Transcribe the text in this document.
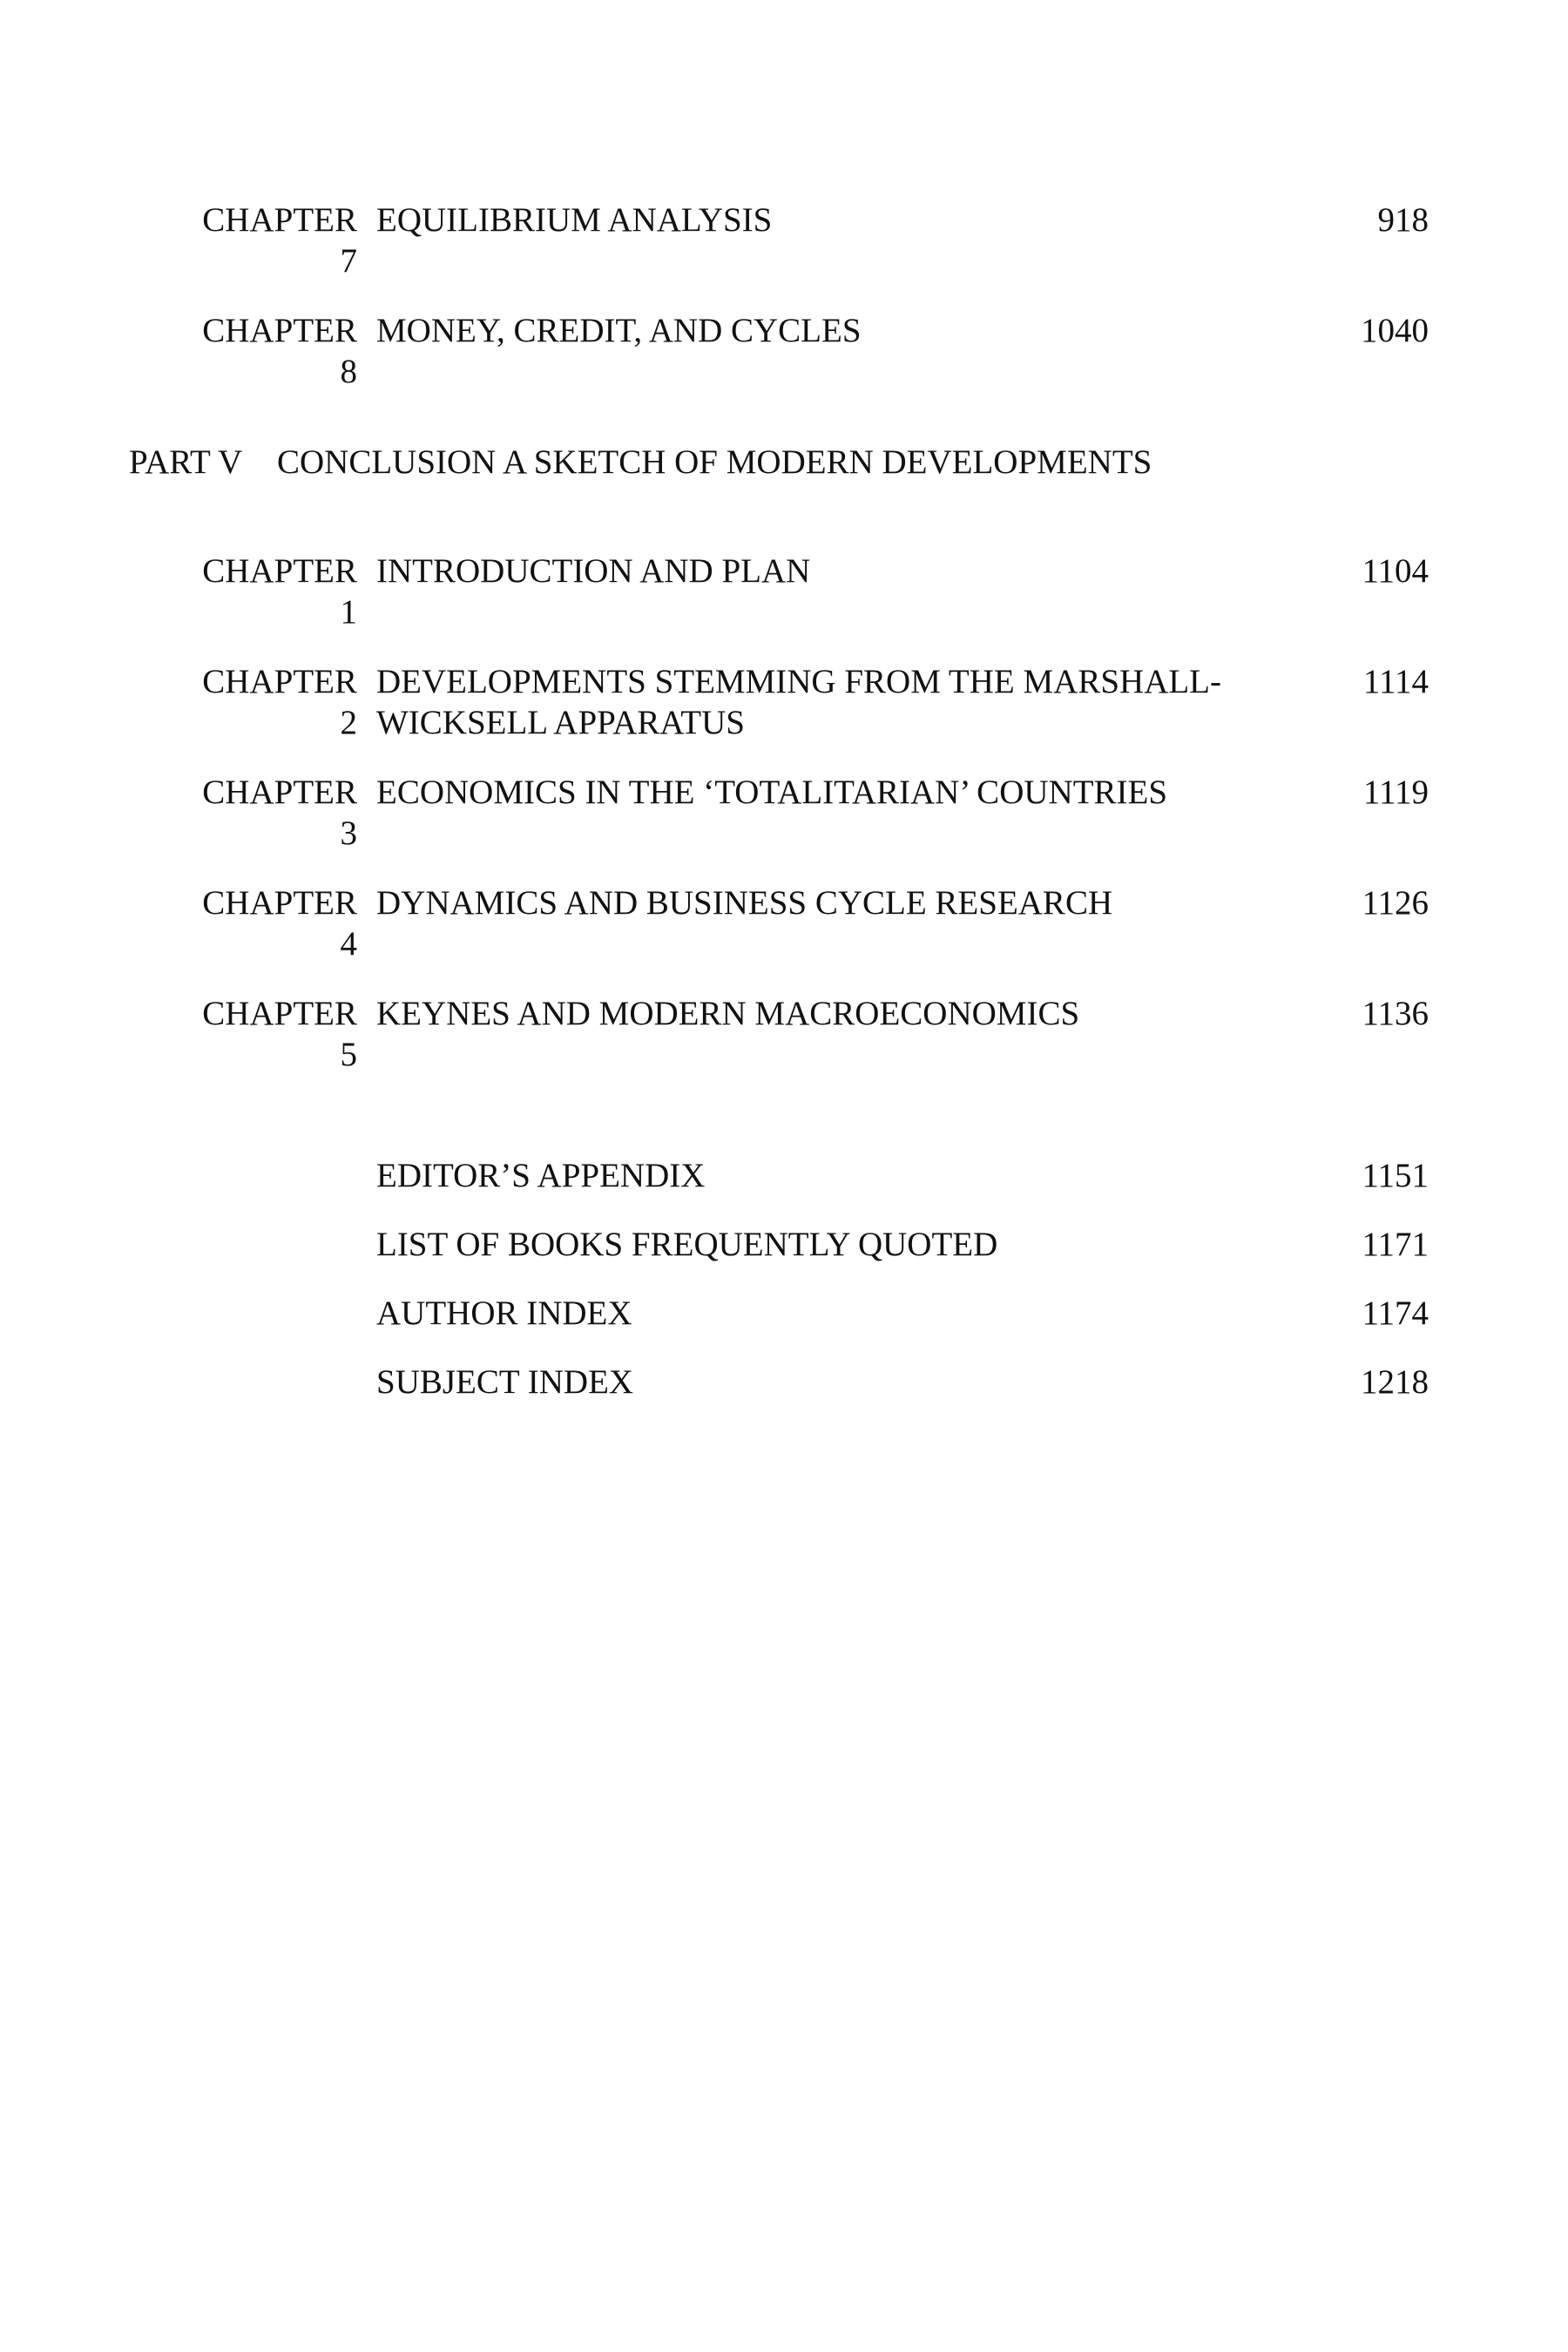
CHAPTER EQUILIBRIUM ANALYSIS	918
7
CHAPTER MONEY, CREDIT, AND CYCLES	1040
8
PART V CONCLUSION A SKETCH OF MODERN DEVELOPMENTS
CHAPTER INTRODUCTION AND PLAN	1104
1
CHAPTER DEVELOPMENTS STEMMING FROM THE MARSHALL-	1114
2 WICKSELL APPARATUS
CHAPTER ECONOMICS IN THE ‘TOTALITARIAN’ COUNTRIES	1119
3
CHAPTER DYNAMICS AND BUSINESS CYCLE RESEARCH	1126
4
CHAPTER KEYNES AND MODERN MACROECONOMICS	1136
5
EDITOR’S APPENDIX	1151
LIST OF BOOKS FREQUENTLY QUOTED	1171
AUTHOR INDEX	1174
SUBJECT INDEX	1218
